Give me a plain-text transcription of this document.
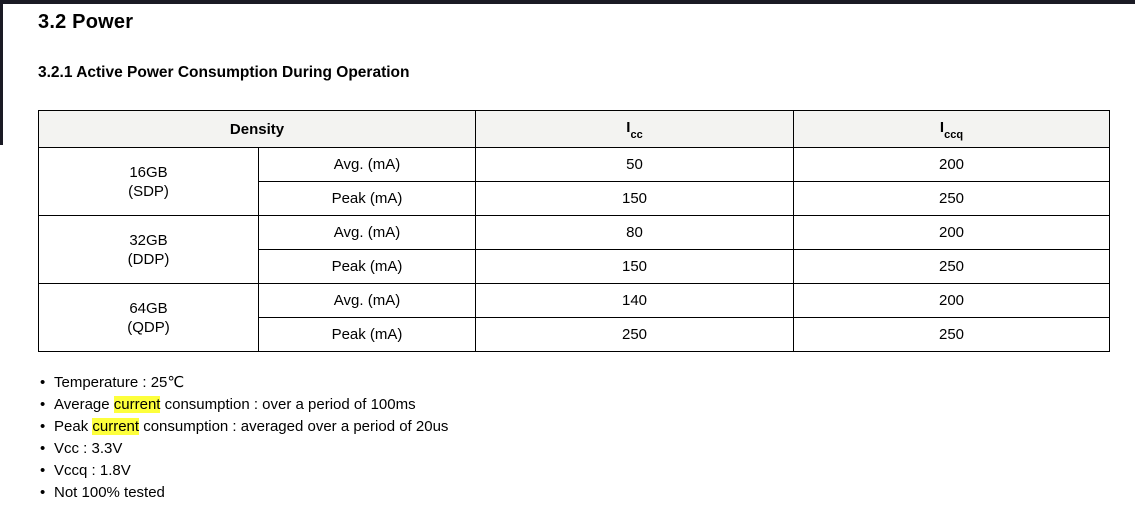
3.2 Power
3.2.1 Active Power Consumption During Operation
Density		$I_{cc}$	$I_{ccq}$

16GB
(SDP)	Avg. (mA)	50	200
	Peak (mA)	150	250

32GB
(DDP)	Avg. (mA)	80	200
	Peak (mA)	150	250

64GB
(QDP)	Avg. (mA)	140	200
	Peak (mA)	250	250
• Temperature : 25℃
• Average current consumption : over a period of 100ms
• Peak current consumption : averaged over a period of 20us
• Vcc : 3.3V
• Vccq : 1.8V
• Not 100% tested
